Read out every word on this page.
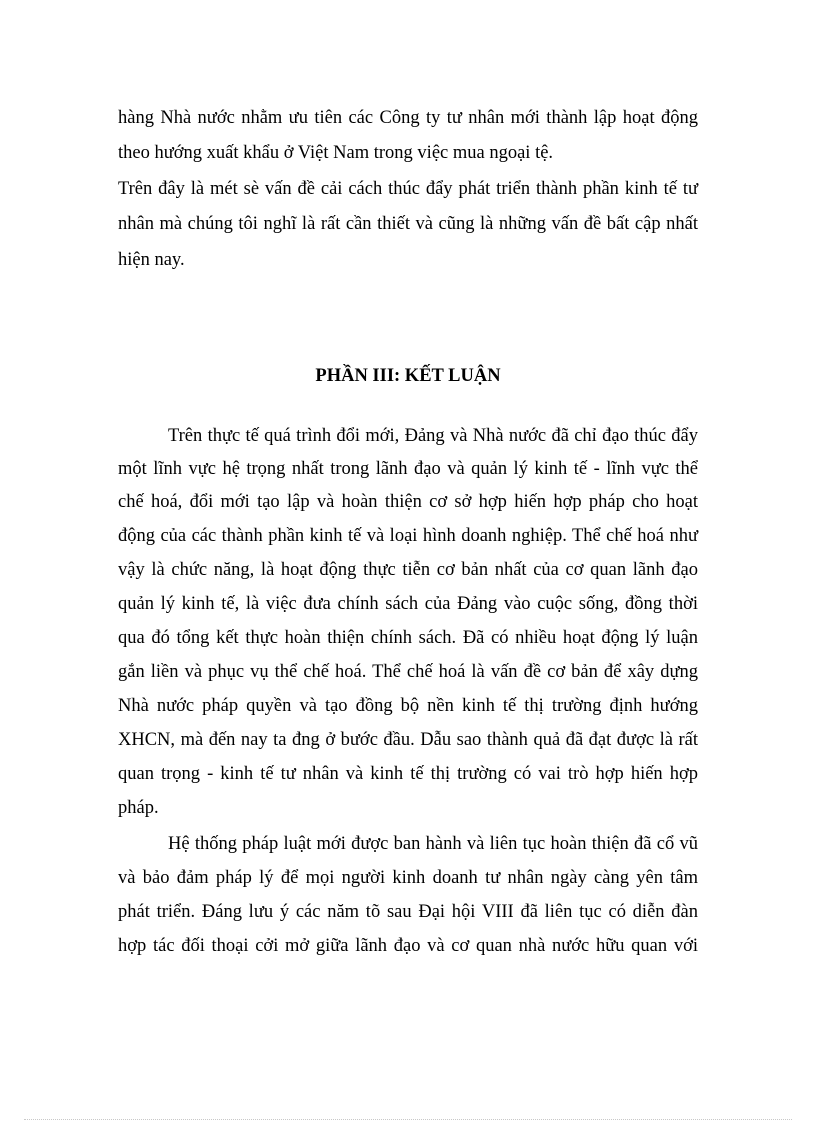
hàng Nhà nước nhằm ưu tiên các Công ty tư nhân mới thành lập hoạt động
theo hướng xuất khẩu ở Việt Nam trong việc mua ngoại tệ.
Trên đây là mét sè vấn đề cải cách thúc đẩy phát triển thành phần kinh tế tư
nhân mà chúng tôi nghĩ là rất cần thiết và cũng là những vấn đề bất cập nhất
hiện nay.
PHẦN III: KẾT LUẬN
Trên thực tế quá trình đổi mới, Đảng và Nhà nước đã chỉ đạo thúc đẩy
một lĩnh vực hệ trọng nhất trong lãnh đạo và quản lý kinh tế - lĩnh vực thể
chế hoá, đổi mới tạo lập và hoàn thiện cơ sở hợp hiến hợp pháp cho hoạt
động của các thành phần kinh tế và loại hình doanh nghiệp. Thể chế hoá như
vậy là chức năng, là hoạt động thực tiễn cơ bản nhất của cơ quan lãnh đạo
quản lý kinh tế, là việc đưa chính sách của Đảng vào cuộc sống, đồng thời
qua đó tổng kết thực hoàn thiện chính sách. Đã có nhiều hoạt động lý luận
gắn liền và phục vụ thể chế hoá. Thể chế hoá là vấn đề cơ bản để xây dựng
Nhà nước pháp quyền và tạo đồng bộ nền kinh tế thị trường định hướng
XHCN, mà đến nay ta đng ở bước đầu. Dẫu sao thành quả đã đạt được là rất
quan trọng - kinh tế tư nhân và kinh tế thị trường có vai trò hợp hiến hợp
pháp.
Hệ thống pháp luật mới được ban hành và liên tục hoàn thiện đã cổ vũ
và bảo đảm pháp lý để mọi người kinh doanh tư nhân ngày càng yên tâm
phát triển. Đáng lưu ý các năm tõ sau Đại hội VIII đã liên tục có diễn đàn
hợp tác đối thoại cởi mở giữa lãnh đạo và cơ quan nhà nước hữu quan với
